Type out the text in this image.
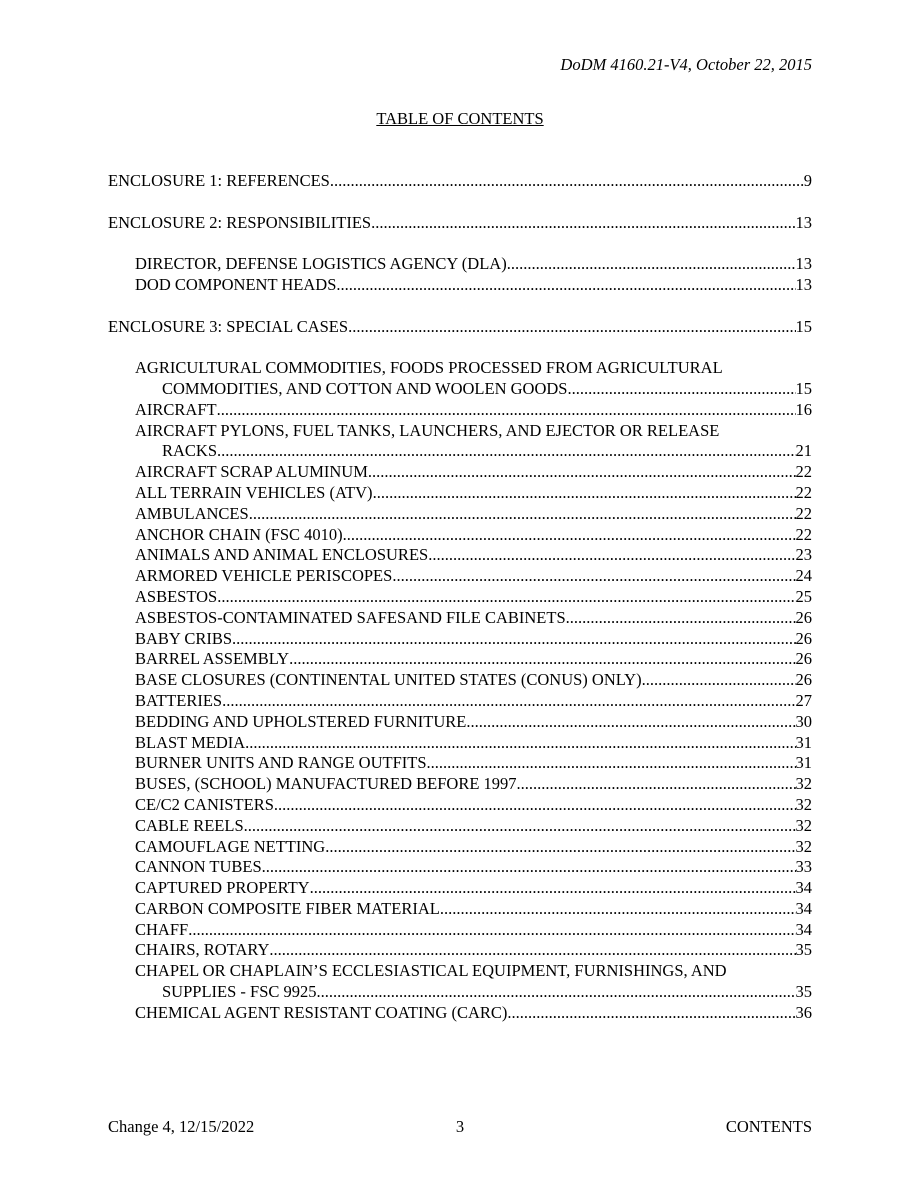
DoDM 4160.21-V4, October 22, 2015
TABLE OF CONTENTS
ENCLOSURE 1: REFERENCES .....	9
ENCLOSURE 2: RESPONSIBILITIES .....	13
DIRECTOR, DEFENSE LOGISTICS AGENCY (DLA) .....	13
DOD COMPONENT HEADS .....	13
ENCLOSURE 3: SPECIAL CASES .....	15
AGRICULTURAL COMMODITIES, FOODS PROCESSED FROM AGRICULTURAL
COMMODITIES, AND COTTON AND WOOLEN GOODS .....	15
AIRCRAFT .....	16
AIRCRAFT PYLONS, FUEL TANKS, LAUNCHERS, AND EJECTOR OR RELEASE
RACKS .....	21
AIRCRAFT SCRAP ALUMINUM .....	22
ALL TERRAIN VEHICLES (ATV) .....	22
AMBULANCES .....	22
ANCHOR CHAIN (FSC 4010) .....	22
ANIMALS AND ANIMAL ENCLOSURES .....	23
ARMORED VEHICLE PERISCOPES .....	24
ASBESTOS .....	25
ASBESTOS-CONTAMINATED SAFESAND FILE CABINETS .....	26
BABY CRIBS .....	26
BARREL ASSEMBLY .....	26
BASE CLOSURES (CONTINENTAL UNITED STATES (CONUS) ONLY) .....	26
BATTERIES .....	27
BEDDING AND UPHOLSTERED FURNITURE .....	30
BLAST MEDIA .....	31
BURNER UNITS AND RANGE OUTFITS .....	31
BUSES, (SCHOOL) MANUFACTURED BEFORE 1997 .....	32
CE/C2 CANISTERS .....	32
CABLE REELS .....	32
CAMOUFLAGE NETTING .....	32
CANNON TUBES .....	33
CAPTURED PROPERTY .....	34
CARBON COMPOSITE FIBER MATERIAL .....	34
CHAFF .....	34
CHAIRS, ROTARY .....	35
CHAPEL OR CHAPLAIN’S ECCLESIASTICAL EQUIPMENT, FURNISHINGS, AND
SUPPLIES - FSC 9925 .....	35
CHEMICAL AGENT RESISTANT COATING (CARC) .....	36
Change 4, 12/15/2022	3	CONTENTS
